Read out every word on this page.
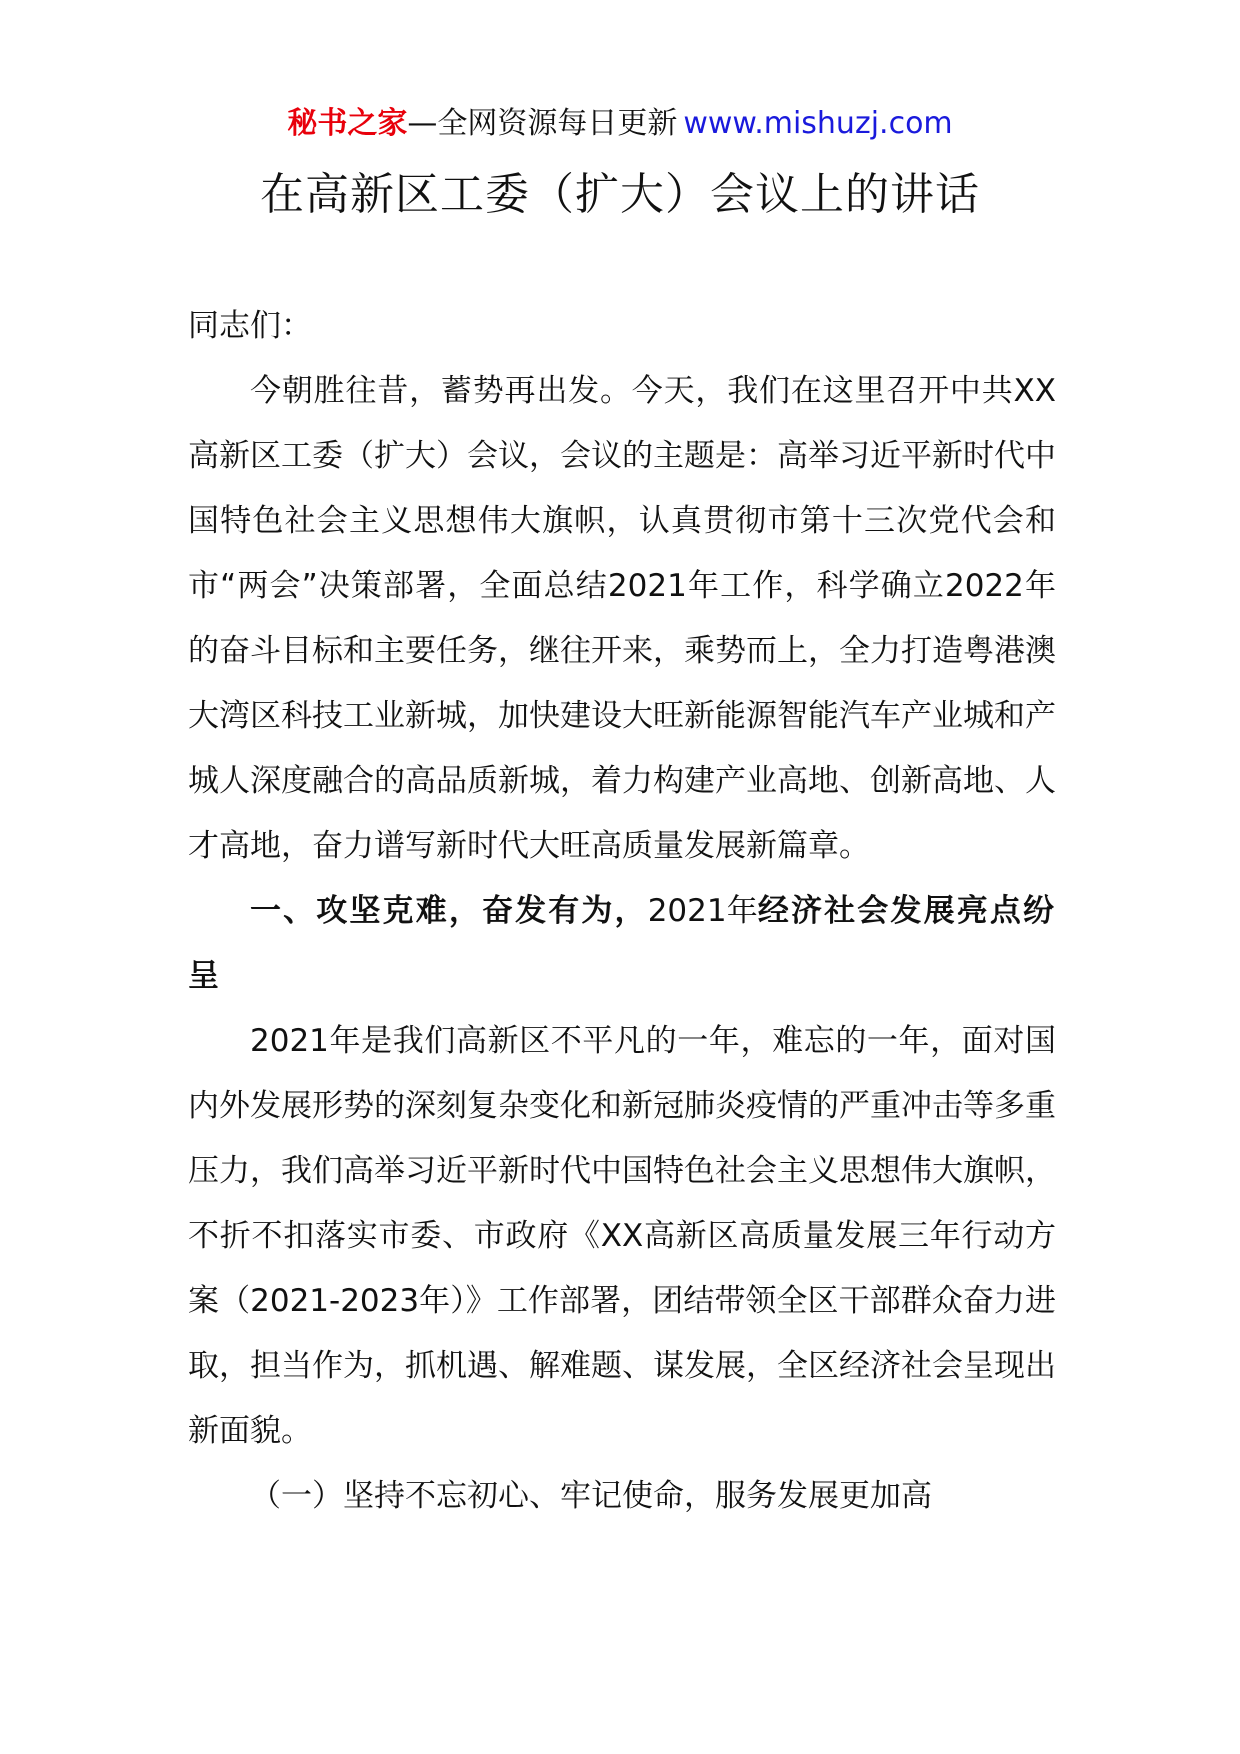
秘书之家—全网资源每日更新 www.mishuzj.com
在高新区工委（扩大）会议上的讲话

同志们：

今朝胜往昔，蓄势再出发。今天，我们在这里召开中共XX高新区工委（扩大）会议，会议的主题是：高举习近平新时代中国特色社会主义思想伟大旗帜，认真贯彻市第十三次党代会和市“两会”决策部署，全面总结2021年工作，科学确立2022年的奋斗目标和主要任务，继往开来，乘势而上，全力打造粤港澳大湾区科技工业新城，加快建设大旺新能源智能汽车产业城和产城人深度融合的高品质新城，着力构建产业高地、创新高地、人才高地，奋力谱写新时代大旺高质量发展新篇章。

一、攻坚克难，奋发有为，2021年经济社会发展亮点纷呈

2021年是我们高新区不平凡的一年，难忘的一年，面对国内外发展形势的深刻复杂变化和新冠肺炎疫情的严重冲击等多重压力，我们高举习近平新时代中国特色社会主义思想伟大旗帜，不折不扣落实市委、市政府《XX高新区高质量发展三年行动方案（2021-2023年）》工作部署，团结带领全区干部群众奋力进取，担当作为，抓机遇、解难题、谋发展，全区经济社会呈现出新面貌。

（一）坚持不忘初心、牢记使命，服务发展更加高
